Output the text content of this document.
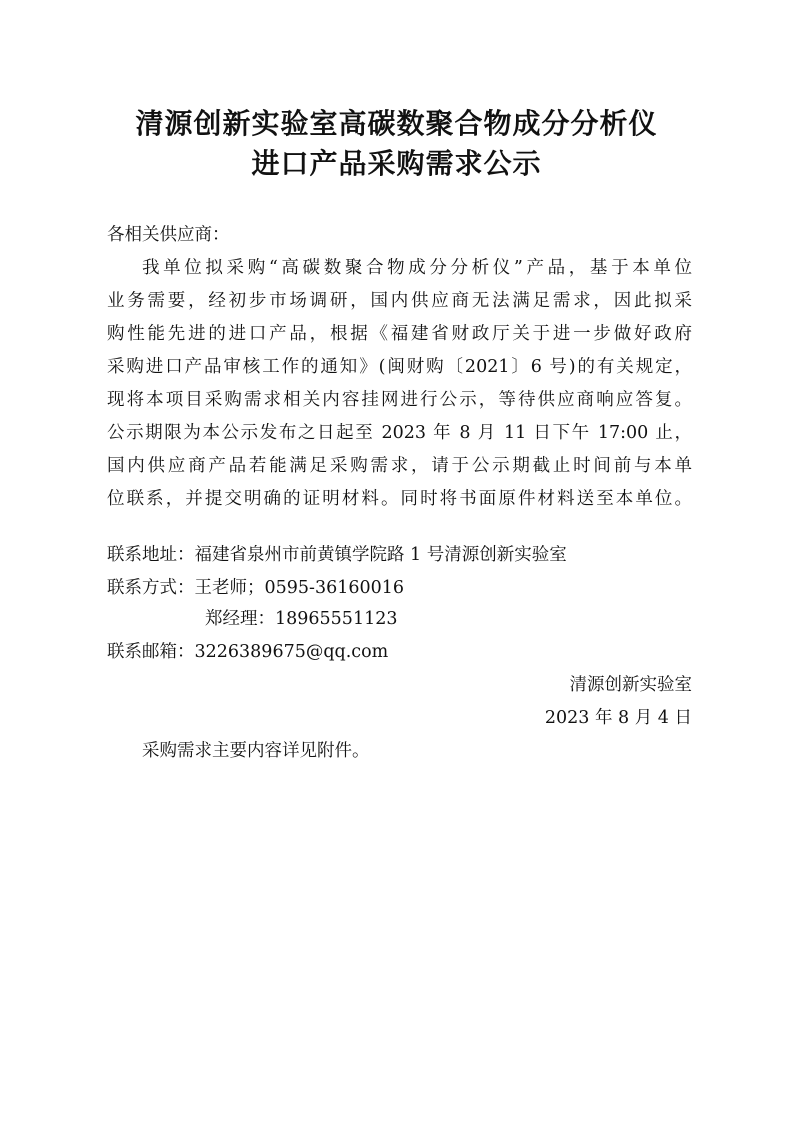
清源创新实验室高碳数聚合物成分分析仪
进口产品采购需求公示
各相关供应商：
我单位拟采购“高碳数聚合物成分分析仪”产品，基于本单位
业务需要，经初步市场调研，国内供应商无法满足需求，因此拟采
购性能先进的进口产品，根据《福建省财政厅关于进一步做好政府
采购进口产品审核工作的通知》(闽财购〔2021〕6 号)的有关规定，
现将本项目采购需求相关内容挂网进行公示，等待供应商响应答复。
公示期限为本公示发布之日起至 2023 年 8 月 11 日下午 17:00 止，
国内供应商产品若能满足采购需求，请于公示期截止时间前与本单
位联系，并提交明确的证明材料。同时将书面原件材料送至本单位。
联系地址：福建省泉州市前黄镇学院路 1 号清源创新实验室
联系方式：王老师；0595-36160016
郑经理：18965551123
联系邮箱：3226389675@qq.com
清源创新实验室
2023 年 8 月 4 日
采购需求主要内容详见附件。
